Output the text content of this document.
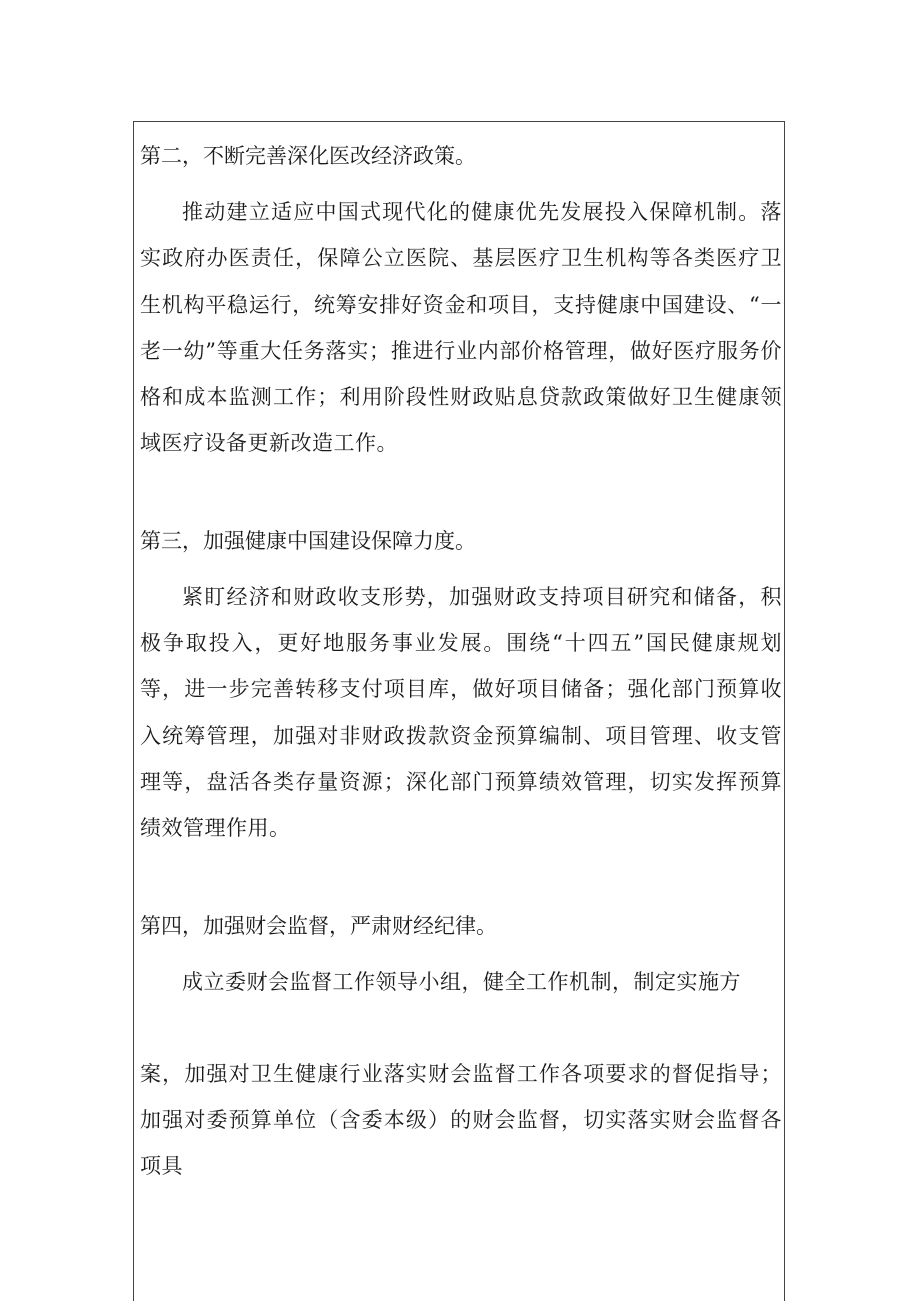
第二，不断完善深化医改经济政策。

推动建立适应中国式现代化的健康优先发展投入保障机制。落实政府办医责任，保障公立医院、基层医疗卫生机构等各类医疗卫生机构平稳运行，统筹安排好资金和项目，支持健康中国建设、“一老一幼”等重大任务落实；推进行业内部价格管理，做好医疗服务价格和成本监测工作；利用阶段性财政贴息贷款政策做好卫生健康领域医疗设备更新改造工作。

第三，加强健康中国建设保障力度。

紧盯经济和财政收支形势，加强财政支持项目研究和储备，积极争取投入，更好地服务事业发展。围绕“十四五”国民健康规划等，进一步完善转移支付项目库，做好项目储备；强化部门预算收入统筹管理，加强对非财政拨款资金预算编制、项目管理、收支管理等，盘活各类存量资源；深化部门预算绩效管理，切实发挥预算绩效管理作用。

第四，加强财会监督，严肃财经纪律。

成立委财会监督工作领导小组，健全工作机制，制定实施方

案，加强对卫生健康行业落实财会监督工作各项要求的督促指导；加强对委预算单位（含委本级）的财会监督，切实落实财会监督各项具
